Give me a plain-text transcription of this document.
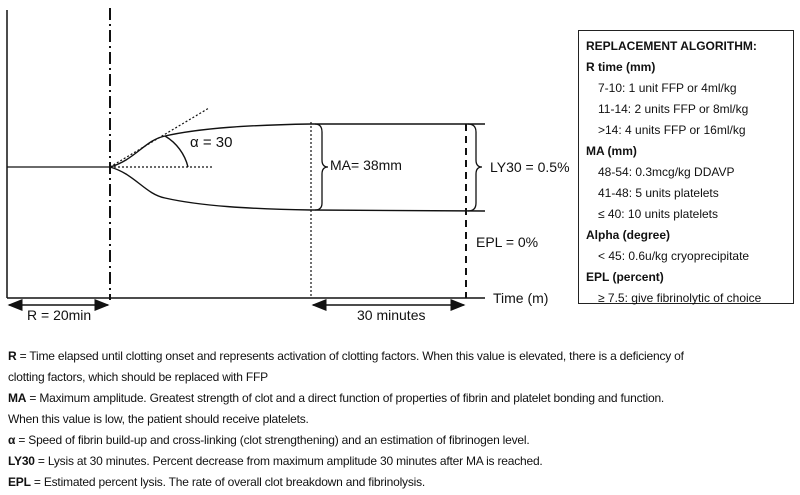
α = 30
MA= 38mm	LY30 = 0.5%
EPL = 0%
Time (m)
R = 20min	30 minutes
REPLACEMENT ALGORITHM:
R time (mm)
7-10: 1 unit FFP or 4ml/kg
11-14: 2 units FFP or 8ml/kg
>14: 4 units FFP or 16ml/kg
MA (mm)
48-54: 0.3mcg/kg DDAVP
41-48: 5 units platelets
≤ 40: 10 units platelets
Alpha (degree)
< 45: 0.6u/kg cryoprecipitate
EPL (percent)
≥ 7.5: give fibrinolytic of choice
R = Time elapsed until clotting onset and represents activation of clotting factors. When this value is elevated, there is a deficiency of
clotting factors, which should be replaced with FFP
MA = Maximum amplitude. Greatest strength of clot and a direct function of properties of fibrin and platelet bonding and function.
When this value is low, the patient should receive platelets.
α = Speed of fibrin build-up and cross-linking (clot strengthening) and an estimation of fibrinogen level.
LY30 = Lysis at 30 minutes. Percent decrease from maximum amplitude 30 minutes after MA is reached.
EPL = Estimated percent lysis. The rate of overall clot breakdown and fibrinolysis.
